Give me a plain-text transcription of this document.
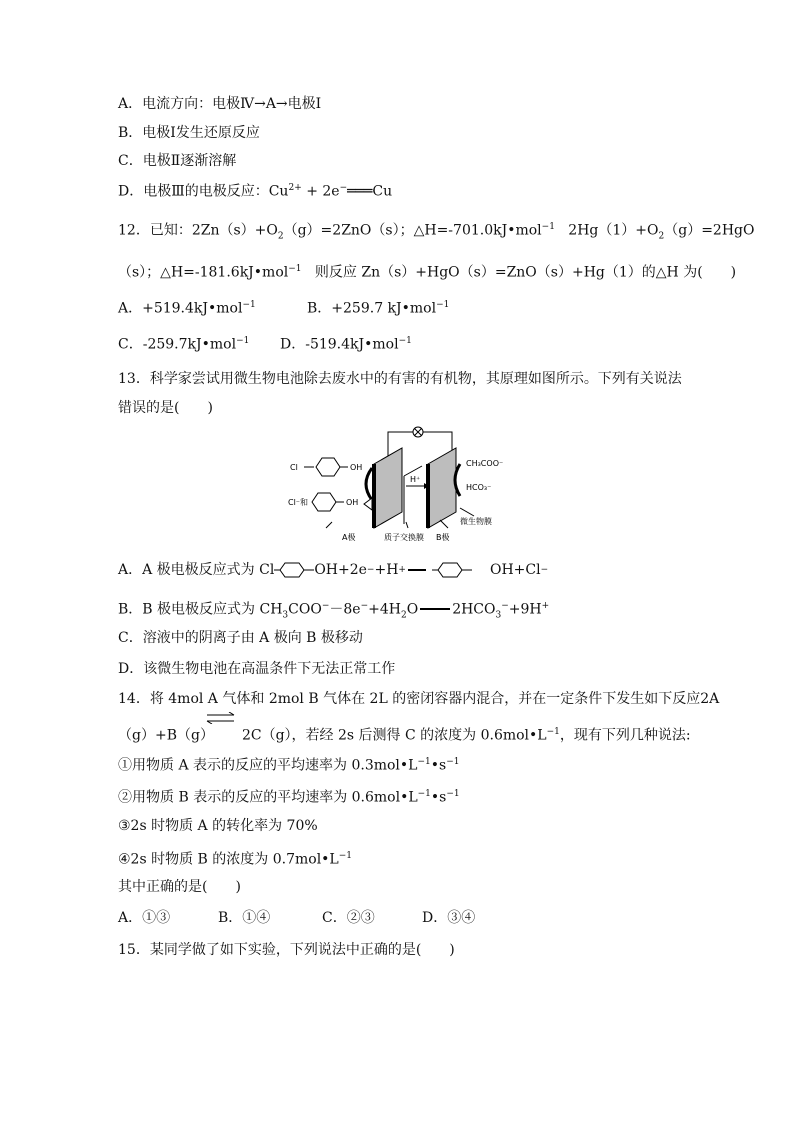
A．电流方向：电极Ⅳ→A→电极Ⅰ
B．电极Ⅰ发生还原反应
C．电极Ⅱ逐渐溶解
D．电极Ⅲ的电极反应：$Cu^{2+}$ + 2e−═══Cu
12．已知：$2Zn(s)+O_2(g)=2ZnO(s)$；△H=-701.0kJ•mol$^{-1}$ $2Hg(1)+O_2(g)=2HgO$
（s）；△H=-181.6kJ•mol$^{-1}$ 则反应 Zn（s）+HgO（s）=ZnO（s）+Hg（1）的△H 为(　　)
A．+519.4kJ•mol$^{-1}$	B．+259.7 kJ•mol$^{-1}$
C．-259.7kJ•mol$^{-1}$ D．-519.4kJ•mol$^{-1}$
13．科学家尝试用微生物电池除去废水中的有害的有机物，其原理如图所示。下列有关说法
错误的是(　　)
Cl	OH
Cl⁻和	OH
H⁺
CH₃COO⁻
HCO₃⁻
微生物膜
A极	质子交换膜 B极
A．A 极电极反应式为 Cl	OH+2e − +H +	OH+Cl −
B．B 极电极反应式为 $CH_3COO^--8e^-+4H_2O$ $2HCO_3^-+9H^+$
C．溶液中的阴离子由 A 极向 B 极移动
D．该微生物电池在高温条件下无法正常工作
14．将 4mol A 气体和 2mol B 气体在 2L 的密闭容器内混合，并在一定条件下发生如下反应2A
（g）+B（g） 2C（g），若经 2s 后测得 C 的浓度为 $0.6mol•L^{-1}$，现有下列几种说法:
①用物质 A 表示的反应的平均速率为 $0.3mol•L^{-1}•s^{-1}$
②用物质 B 表示的反应的平均速率为 $0.6mol•L^{-1}•s^{-1}$
③2s 时物质 A 的转化率为 70%
④2s 时物质 B 的浓度为 $0.7mol•L^{-1}$
其中正确的是(　　)
A．①③	B．①④	C．②③	D．③④
15．某同学做了如下实验，下列说法中正确的是(　　)
